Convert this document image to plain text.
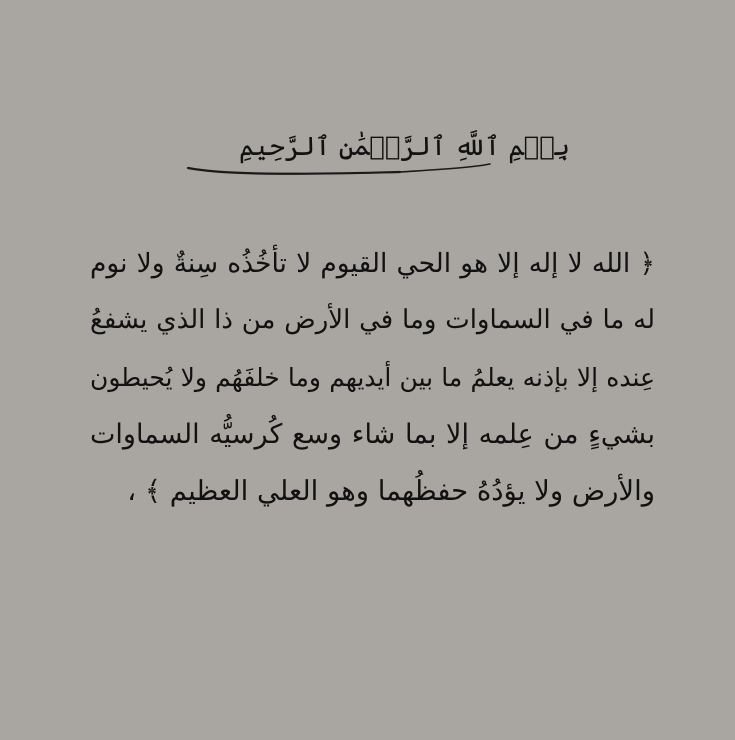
بِسۡمِ ٱللَّهِ ٱلرَّحۡمَٰنِ ٱلرَّحِيمِ
﴿ الله لا إله إلا هو الحي القيوم لا تأخُذُه سِنةٌ ولا نوم
له ما في السماوات وما في الأرض من ذا الذي يشفعُ
عِنده إلا بإذنه يعلمُ ما بين أيديهم وما خلفَهُم ولا يُحيطون
بشيءٍ من عِلمه إلا بما شاء وسع كُرسيُّه السماوات
والأرض ولا يؤدُهُ حفظُهما وهو العلي العظيم ﴾ ،
